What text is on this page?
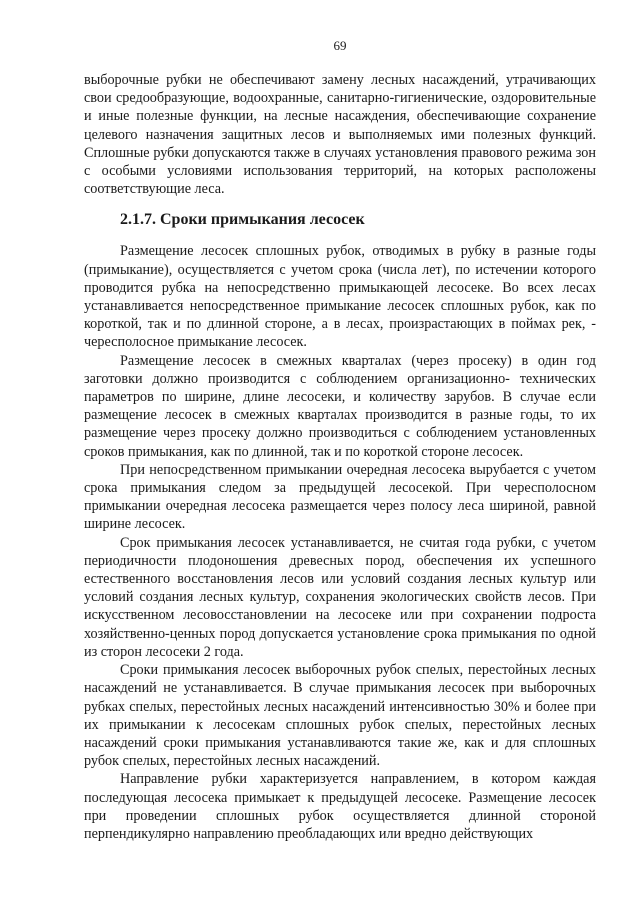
69

выборочные рубки не обеспечивают замену лесных насаждений, утрачивающих свои средообразующие, водоохранные, санитарно-гигиенические, оздоровительные и иные полезные функции, на лесные насаждения, обеспечивающие сохранение целевого назначения защитных лесов и выполняемых ими полезных функций. Сплошные рубки допускаются также в случаях установления правового режима зон с особыми условиями использования территорий, на которых расположены соответствующие леса.

2.1.7. Сроки примыкания лесосек

Размещение лесосек сплошных рубок, отводимых в рубку в разные годы (примыкание), осуществляется с учетом срока (числа лет), по истечении которого проводится рубка на непосредственно примыкающей лесосеке. Во всех лесах устанавливается непосредственное примыкание лесосек сплошных рубок, как по короткой, так и по длинной стороне, а в лесах, произрастающих в поймах рек, - чересполосное примыкание лесосек.

Размещение лесосек в смежных кварталах (через просеку) в один год заготовки должно производится с соблюдением организационно- технических параметров по ширине, длине лесосеки, и количеству зарубов. В случае если размещение лесосек в смежных кварталах производится в разные годы, то их размещение через просеку должно производиться с соблюдением установленных сроков примыкания, как по длинной, так и по короткой стороне лесосек.

При непосредственном примыкании очередная лесосека вырубается с учетом срока примыкания следом за предыдущей лесосекой. При чересполосном примыкании очередная лесосека размещается через полосу леса шириной, равной ширине лесосек.

Срок примыкания лесосек устанавливается, не считая года рубки, с учетом периодичности плодоношения древесных пород, обеспечения их успешного естественного восстановления лесов или условий создания лесных культур или условий создания лесных культур, сохранения экологических свойств лесов. При искусственном лесовосстановлении на лесосеке или при сохранении подроста хозяйственно-ценных пород допускается установление срока примыкания по одной из сторон лесосеки 2 года.

Сроки примыкания лесосек выборочных рубок спелых, перестойных лесных насаждений не устанавливается. В случае примыкания лесосек при выборочных рубках спелых, перестойных лесных насаждений интенсивностью 30% и более при их примыкании к лесосекам сплошных рубок спелых, перестойных лесных насаждений сроки примыкания устанавливаются такие же, как и для сплошных рубок спелых, перестойных лесных насаждений.

Направление рубки характеризуется направлением, в котором каждая последующая лесосека примыкает к предыдущей лесосеке. Размещение лесосек при проведении сплошных рубок осуществляется длинной стороной перпендикулярно направлению преобладающих или вредно действующих
